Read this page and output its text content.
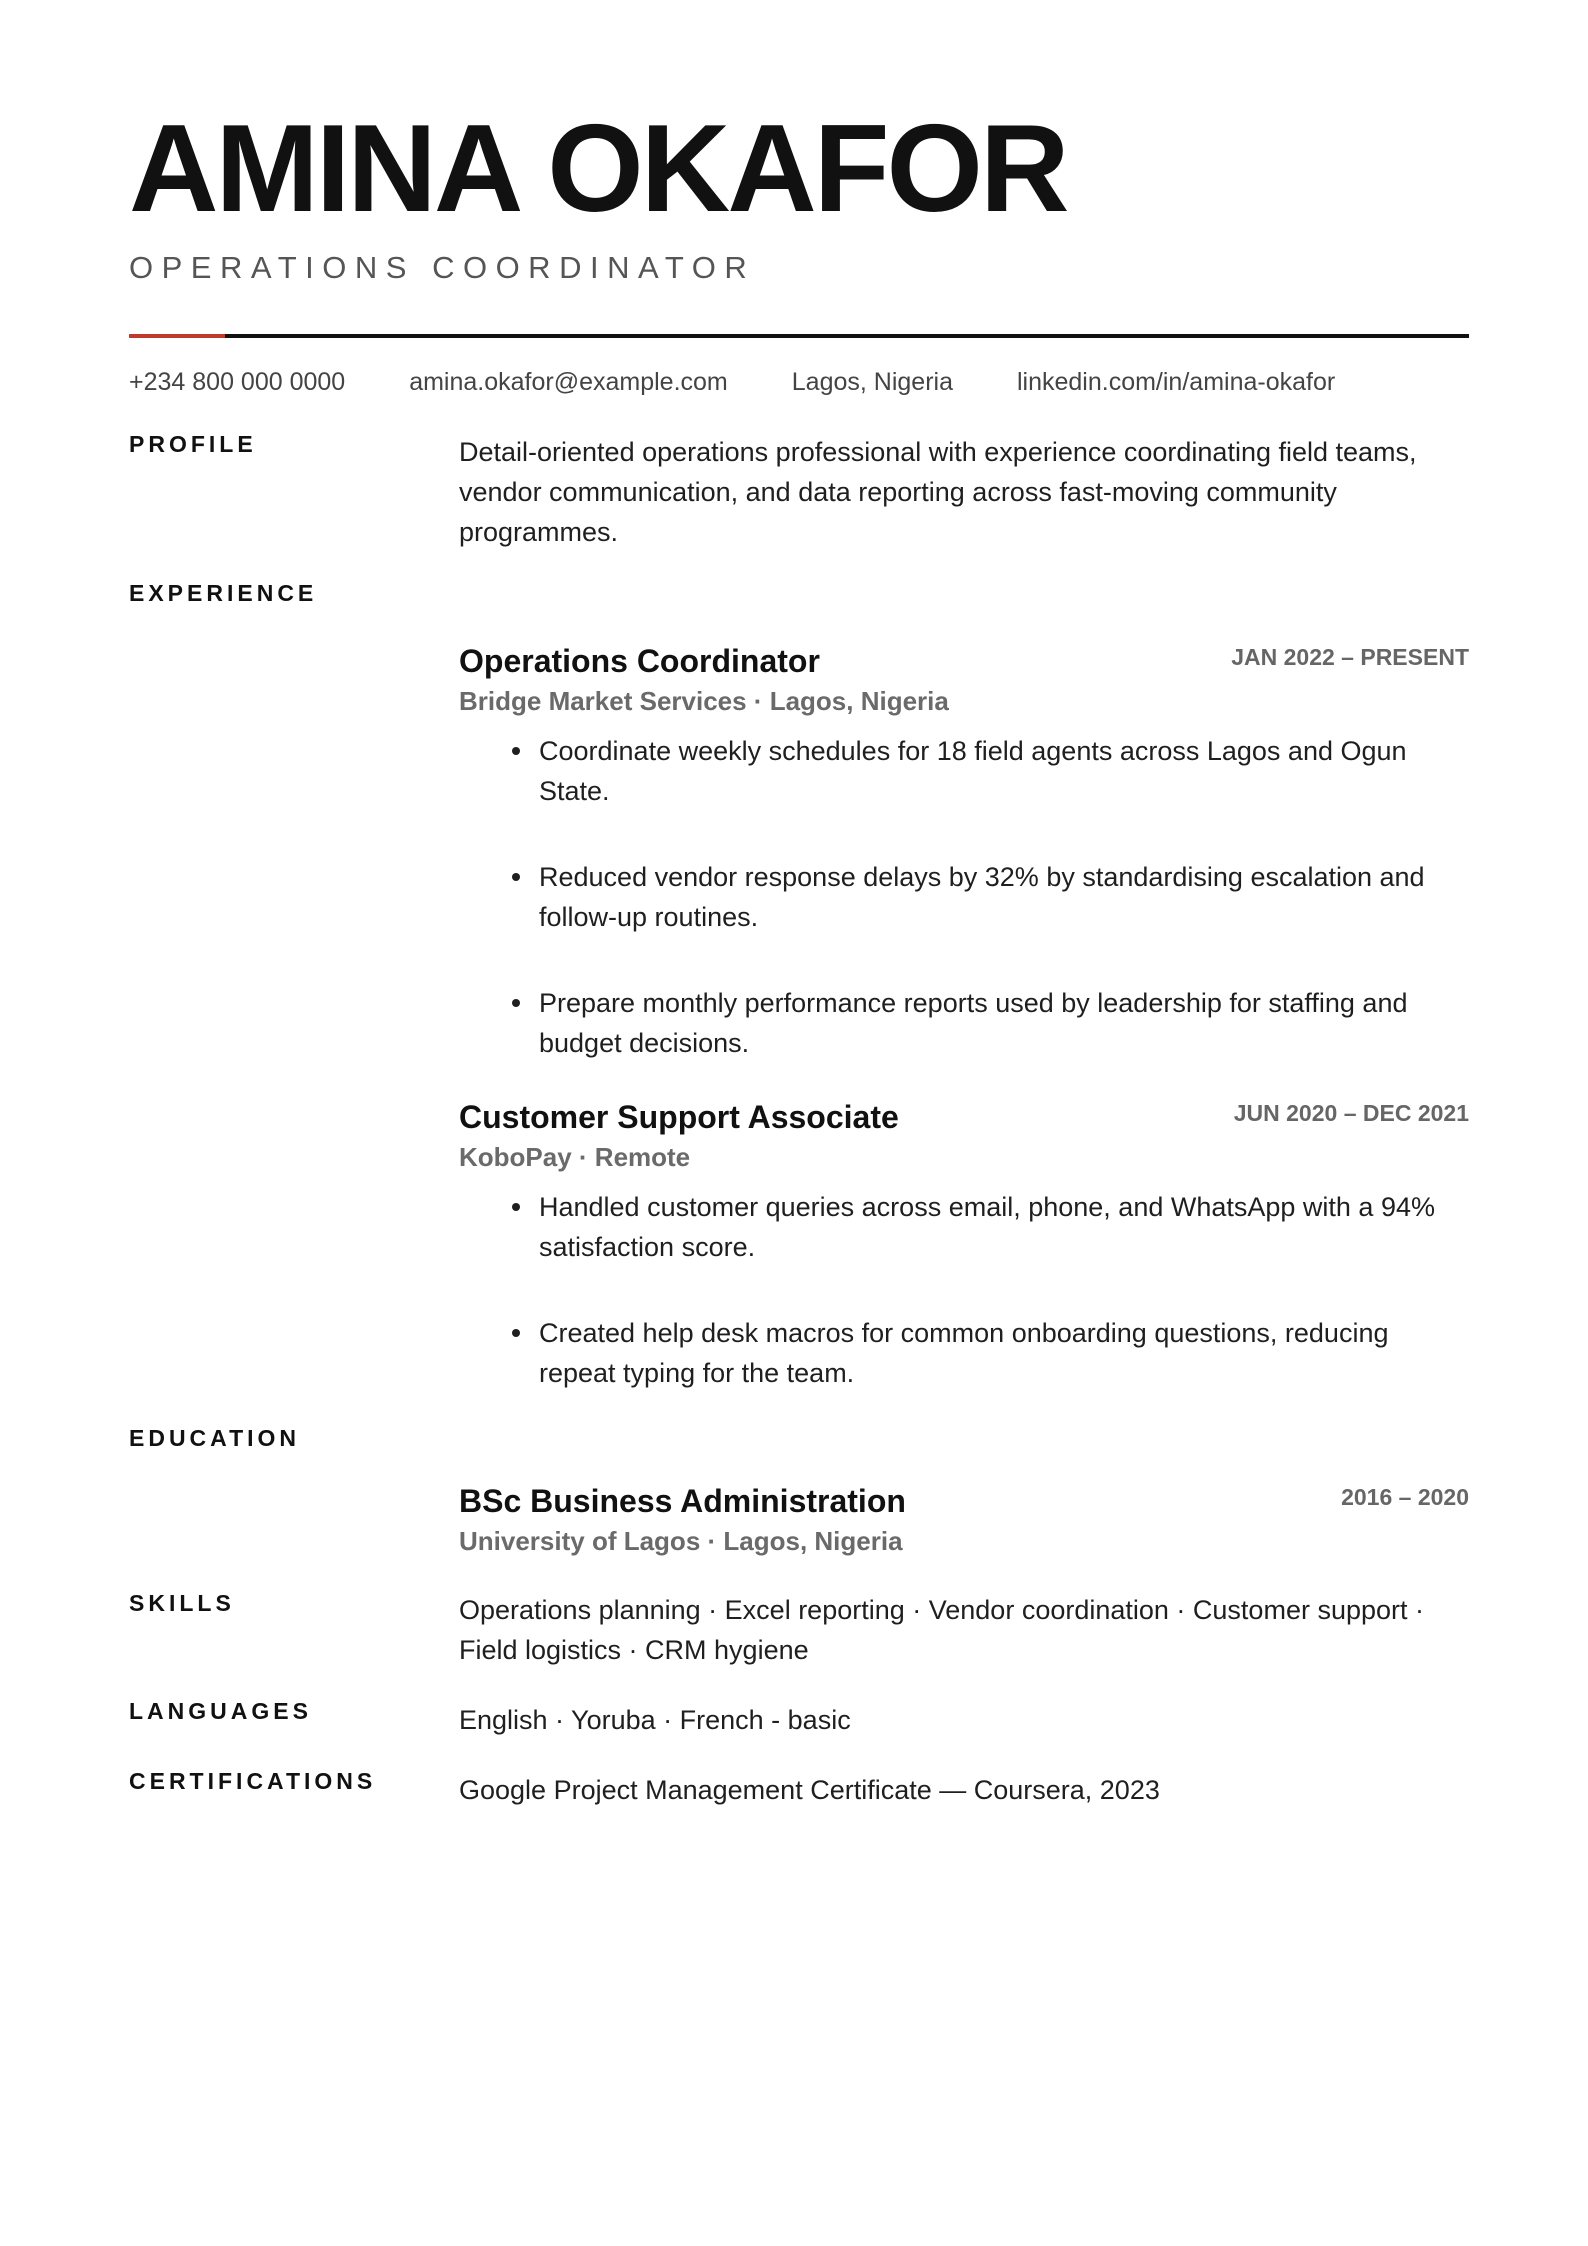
AMINA OKAFOR
OPERATIONS COORDINATOR
+234 800 000 0000	amina.okafor@example.com	Lagos, Nigeria	linkedin.com/in/amina-okafor
PROFILE	Detail-oriented operations professional with experience coordinating field teams, vendor communication, and data reporting across fast-moving community programmes.

EXPERIENCE
JAN 2022 – PRESENT
Operations Coordinator
Bridge Market Services · Lagos, Nigeria
Coordinate weekly schedules for 18 field agents across Lagos and Ogun State.
Reduced vendor response delays by 32% by standardising escalation and follow-up routines.
Prepare monthly performance reports used by leadership for staffing and budget decisions.
JUN 2020 – DEC 2021
Customer Support Associate
KoboPay · Remote
Handled customer queries across email, phone, and WhatsApp with a 94% satisfaction score.
Created help desk macros for common onboarding questions, reducing repeat typing for the team.
EDUCATION
2016 – 2020
BSc Business Administration
University of Lagos · Lagos, Nigeria
SKILLS	Operations planning · Excel reporting · Vendor coordination · Customer support · Field logistics · CRM hygiene

LANGUAGES	English · Yoruba · French - basic

CERTIFICATIONS	Google Project Management Certificate — Coursera, 2023
